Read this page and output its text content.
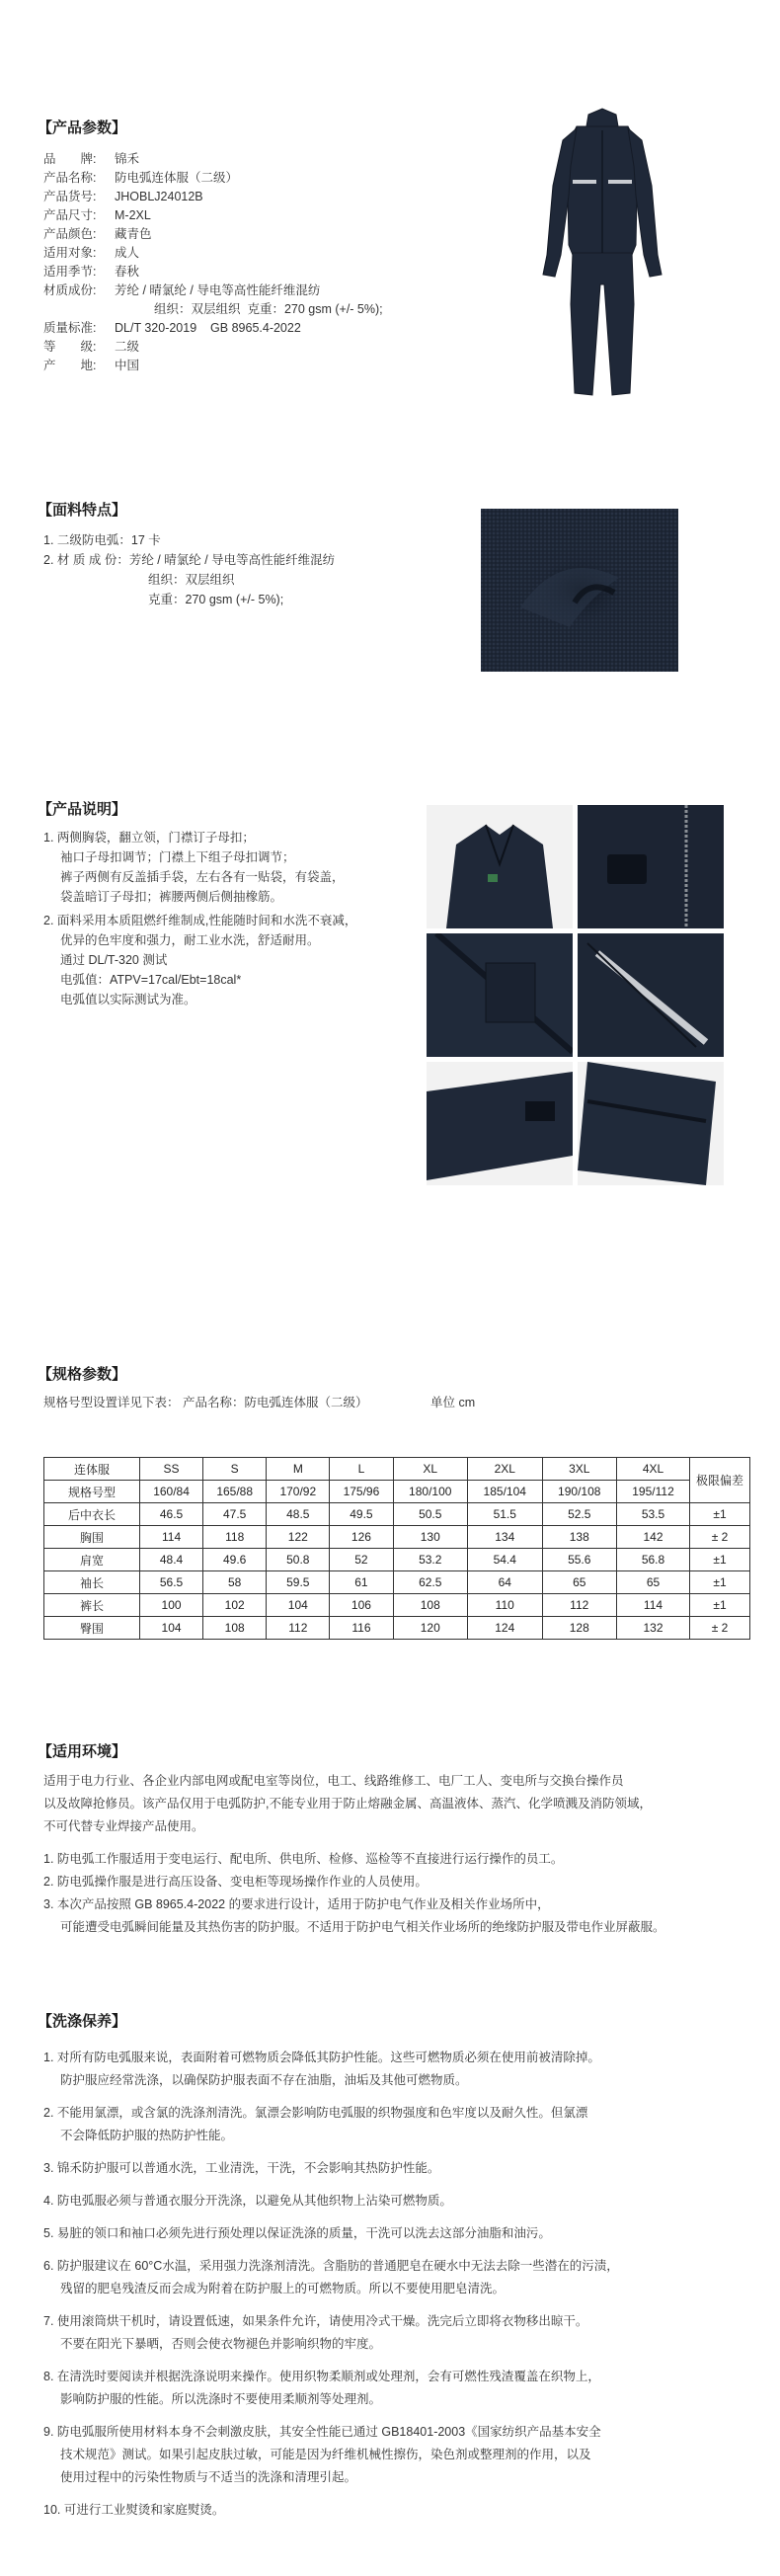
【产品参数】
品　　牌: 锦禾
产品名称: 防电弧连体服（二级）
产品货号: JHOBLJ24012B
产品尺寸: M-2XL
产品颜色: 藏青色
适用对象: 成人
适用季节: 春秋
材质成份: 芳纶 / 晴氯纶 / 导电等高性能纤维混纺
组织：双层组织  克重：270 gsm (+/- 5%);
质量标准: DL/T 320-2019    GB 8965.4-2022
等　　级: 二级
产　　地: 中国
【面料特点】

1. 二级防电弧：17 卡

2. 材 质 成 份：芳纶 / 晴氯纶 / 导电等高性能纤维混纺

组织：双层组织

克重：270 gsm (+/- 5%);

【产品说明】

1. 两侧胸袋，翻立领，门襟订子母扣；

袖口子母扣调节；门襟上下组子母扣调节；

裤子两侧有反盖插手袋，左右各有一贴袋，有袋盖，

袋盖暗订子母扣；裤腰两侧后侧抽橡筋。

2. 面料采用本质阻燃纤维制成,性能随时间和水洗不衰减，

优异的色牢度和强力，耐工业水洗，舒适耐用。

通过 DL/T-320 测试

电弧值：ATPV=17cal/Ebt=18cal*

电弧值以实际测试为准。

【规格参数】
规格号型设置详见下表： 产品名称：防电弧连体服（二级）	单位 cm
连体服	SS	S	M	L	XL	2XL	3XL	4XL	极限偏差
规格号型	160/84	165/88	170/92	175/96	180/100	185/104	190/108	195/112	
后中衣长	46.5	47.5	48.5	49.5	50.5	51.5	52.5	53.5	±1
胸围	114	118	122	126	130	134	138	142	± 2
肩宽	48.4	49.6	50.8	52	53.2	54.4	55.6	56.8	±1
袖长	56.5	58	59.5	61	62.5	64	65	65	±1
裤长	100	102	104	106	108	110	112	114	±1
臀围	104	108	112	116	120	124	128	132	± 2
【适用环境】

适用于电力行业、各企业内部电网或配电室等岗位，电工、线路维修工、电厂工人、变电所与交换台操作员

以及故障抢修员。该产品仅用于电弧防护,不能专业用于防止熔融金属、高温液体、蒸汽、化学喷溅及消防领域，

不可代替专业焊接产品使用。

1. 防电弧工作服适用于变电运行、配电所、供电所、检修、巡检等不直接进行运行操作的员工。

2. 防电弧操作服是进行高压设备、变电柜等现场操作作业的人员使用。

3. 本次产品按照 GB 8965.4-2022 的要求进行设计，适用于防护电气作业及相关作业场所中，

可能遭受电弧瞬间能量及其热伤害的防护服。不适用于防护电气相关作业场所的绝缘防护服及带电作业屏蔽服。

【洗涤保养】

1. 对所有防电弧服来说，表面附着可燃物质会降低其防护性能。这些可燃物质必须在使用前被清除掉。

防护服应经常洗涤，以确保防护服表面不存在油脂，油垢及其他可燃物质。

2. 不能用氯漂，或含氯的洗涤剂清洗。氯漂会影响防电弧服的织物强度和色牢度以及耐久性。但氯漂

不会降低防护服的热防护性能。

3. 锦禾防护服可以普通水洗，工业清洗，干洗，不会影响其热防护性能。

4. 防电弧服必须与普通衣服分开洗涤，以避免从其他织物上沾染可燃物质。

5. 易脏的领口和袖口必须先进行预处理以保证洗涤的质量，干洗可以洗去这部分油脂和油污。

6. 防护服建议在 60°C水温，采用强力洗涤剂清洗。含脂肪的普通肥皂在硬水中无法去除一些潜在的污渍，

残留的肥皂残渣反而会成为附着在防护服上的可燃物质。所以不要使用肥皂清洗。

7. 使用滚筒烘干机时，请设置低速，如果条件允许，请使用冷式干燥。洗完后立即将衣物移出晾干。

不要在阳光下暴晒，否则会使衣物褪色并影响织物的牢度。

8. 在清洗时要阅读并根据洗涤说明来操作。使用织物柔顺剂或处理剂，会有可燃性残渣覆盖在织物上，

影响防护服的性能。所以洗涤时不要使用柔顺剂等处理剂。

9. 防电弧服所使用材料本身不会刺激皮肤，其安全性能已通过 GB18401-2003《国家纺织产品基本安全

技术规范》测试。如果引起皮肤过敏，可能是因为纤维机械性擦伤，染色剂或整理剂的作用，以及

使用过程中的污染性物质与不适当的洗涤和清理引起。

10. 可进行工业熨烫和家庭熨烫。
